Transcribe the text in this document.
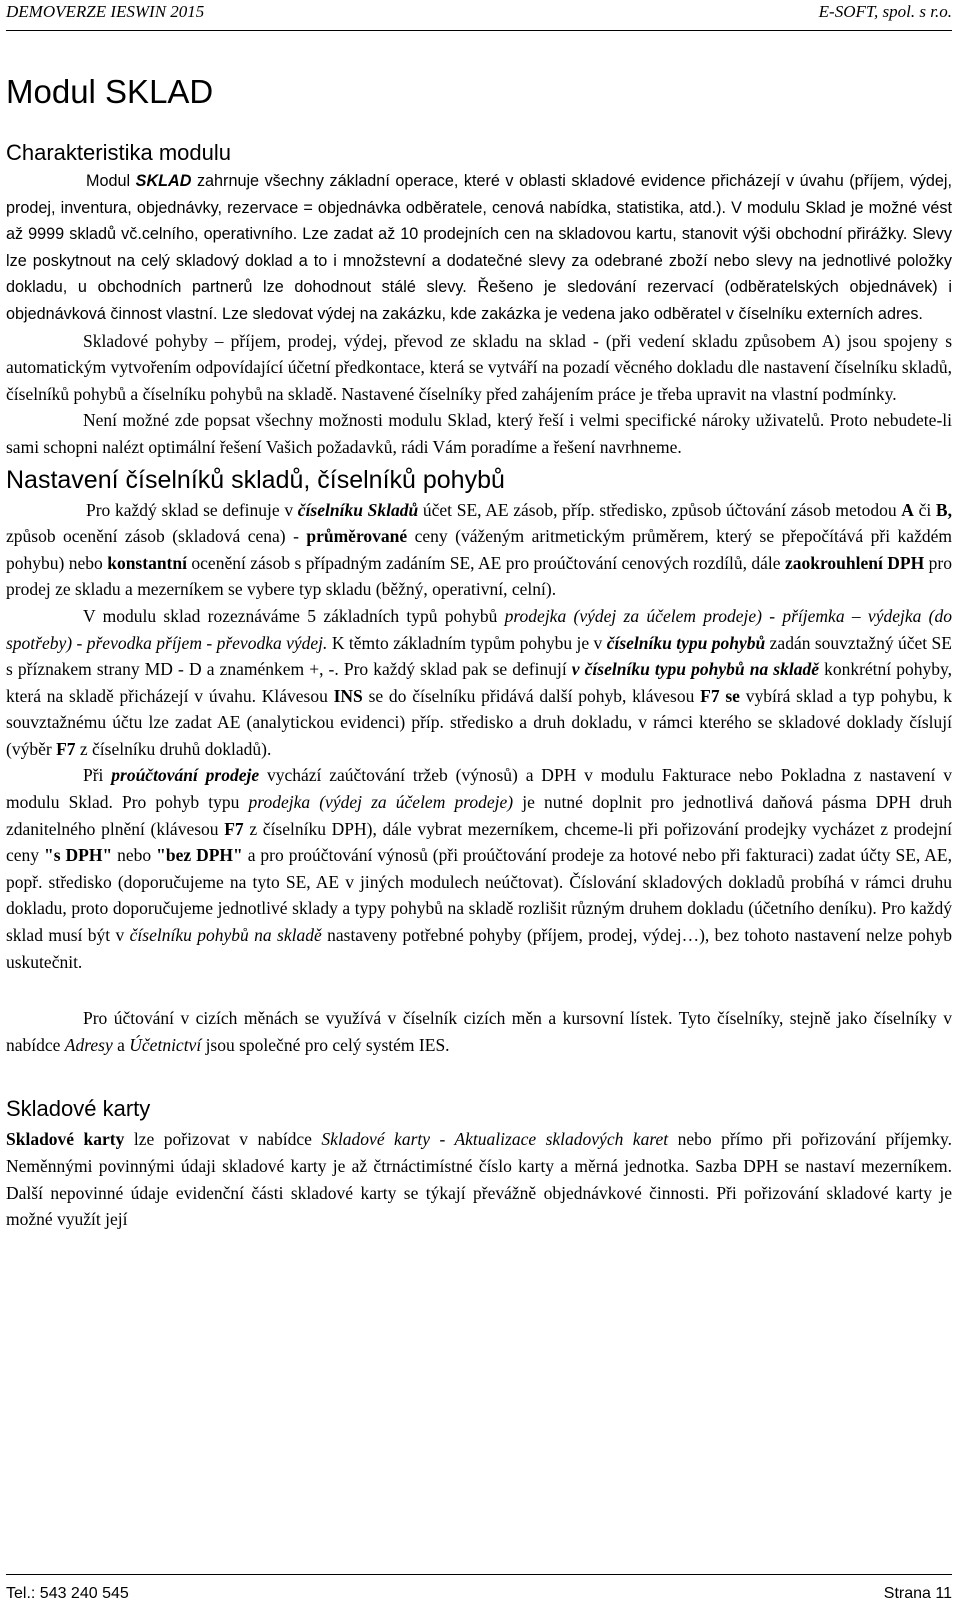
DEMOVERZE IESWIN 2015	E-SOFT, spol. s r.o.
Modul SKLAD
Charakteristika modulu

Modul SKLAD zahrnuje všechny základní operace, které v oblasti skladové evidence přicházejí v úvahu (příjem, výdej, prodej, inventura, objednávky, rezervace = objednávka odběratele, cenová nabídka, statistika, atd.). V modulu Sklad je možné vést až 9999 skladů vč.celního, operativního. Lze zadat až 10 prodejních cen na skladovou kartu, stanovit výši obchodní přirážky. Slevy lze poskytnout na celý skladový doklad a to i množstevní a dodatečné slevy za odebrané zboží nebo slevy na jednotlivé položky dokladu, u obchodních partnerů lze dohodnout stálé slevy. Řešeno je sledování rezervací (odběratelských objednávek) i objednávková činnost vlastní. Lze sledovat výdej na zakázku, kde zakázka je vedena jako odběratel v číselníku externích adres.

Skladové pohyby – příjem, prodej, výdej, převod ze skladu na sklad - (při vedení skladu způsobem A) jsou spojeny s automatickým vytvořením odpovídající účetní předkontace, která se vytváří na pozadí věcného dokladu dle nastavení číselníku skladů, číselníků pohybů a číselníku pohybů na skladě. Nastavené číselníky před zahájením práce je třeba upravit na vlastní podmínky.

Není možné zde popsat všechny možnosti modulu Sklad, který řeší i velmi specifické nároky uživatelů. Proto nebudete-li sami schopni nalézt optimální řešení Vašich požadavků, rádi Vám poradíme a řešení navrhneme.

Nastavení číselníků skladů, číselníků pohybů

Pro každý sklad se definuje v číselníku Skladů účet SE, AE zásob, příp. středisko, způsob účtování zásob metodou A či B, způsob ocenění zásob (skladová cena) - průměrované ceny (váženým aritmetickým průměrem, který se přepočítává při každém pohybu) nebo konstantní ocenění zásob s případným zadáním SE, AE pro proúčtování cenových rozdílů, dále zaokrouhlení DPH pro prodej ze skladu a mezerníkem se vybere typ skladu (běžný, operativní, celní).

V modulu sklad rozeznáváme 5 základních typů pohybů prodejka (výdej za účelem prodeje) - příjemka – výdejka (do spotřeby) - převodka příjem - převodka výdej. K těmto základním typům pohybu je v číselníku typu pohybů zadán souvztažný účet SE s příznakem strany MD - D a znaménkem +, -. Pro každý sklad pak se definují v číselníku typu pohybů na skladě konkrétní pohyby, která na skladě přicházejí v úvahu. Klávesou INS se do číselníku přidává další pohyb, klávesou F7 se vybírá sklad a typ pohybu, k souvztažnému účtu lze zadat AE (analytickou evidenci) příp. středisko a druh dokladu, v rámci kterého se skladové doklady číslují (výběr F7 z číselníku druhů dokladů).

Při proúčtování prodeje vychází zaúčtování tržeb (výnosů) a DPH v modulu Fakturace nebo Pokladna z nastavení v modulu Sklad. Pro pohyb typu prodejka (výdej za účelem prodeje) je nutné doplnit pro jednotlivá daňová pásma DPH druh zdanitelného plnění (klávesou F7 z číselníku DPH), dále vybrat mezerníkem, chceme-li při pořizování prodejky vycházet z prodejní ceny "s DPH" nebo "bez DPH" a pro proúčtování výnosů (při proúčtování prodeje za hotové nebo při fakturaci) zadat účty SE, AE, popř. středisko (doporučujeme na tyto SE, AE v jiných modulech neúčtovat). Číslování skladových dokladů probíhá v rámci druhu dokladu, proto doporučujeme jednotlivé sklady a typy pohybů na skladě rozlišit různým druhem dokladu (účetního deníku). Pro každý sklad musí být v číselníku pohybů na skladě nastaveny potřebné pohyby (příjem, prodej, výdej…), bez tohoto nastavení nelze pohyb uskutečnit.

Pro účtování v cizích měnách se využívá v číselník cizích měn a kursovní lístek. Tyto číselníky, stejně jako číselníky v nabídce Adresy a Účetnictví jsou společné pro celý systém IES.

Skladové karty

Skladové karty lze pořizovat v nabídce Skladové karty - Aktualizace skladových karet nebo přímo při pořizování příjemky. Neměnnými povinnými údaji skladové karty je až čtrnáctimístné číslo karty a měrná jednotka. Sazba DPH se nastaví mezerníkem. Další nepovinné údaje evidenční části skladové karty se týkají převážně objednávkové činnosti. Při pořizování skladové karty je možné využít její

Tel.: 543 240 545	Strana 11
